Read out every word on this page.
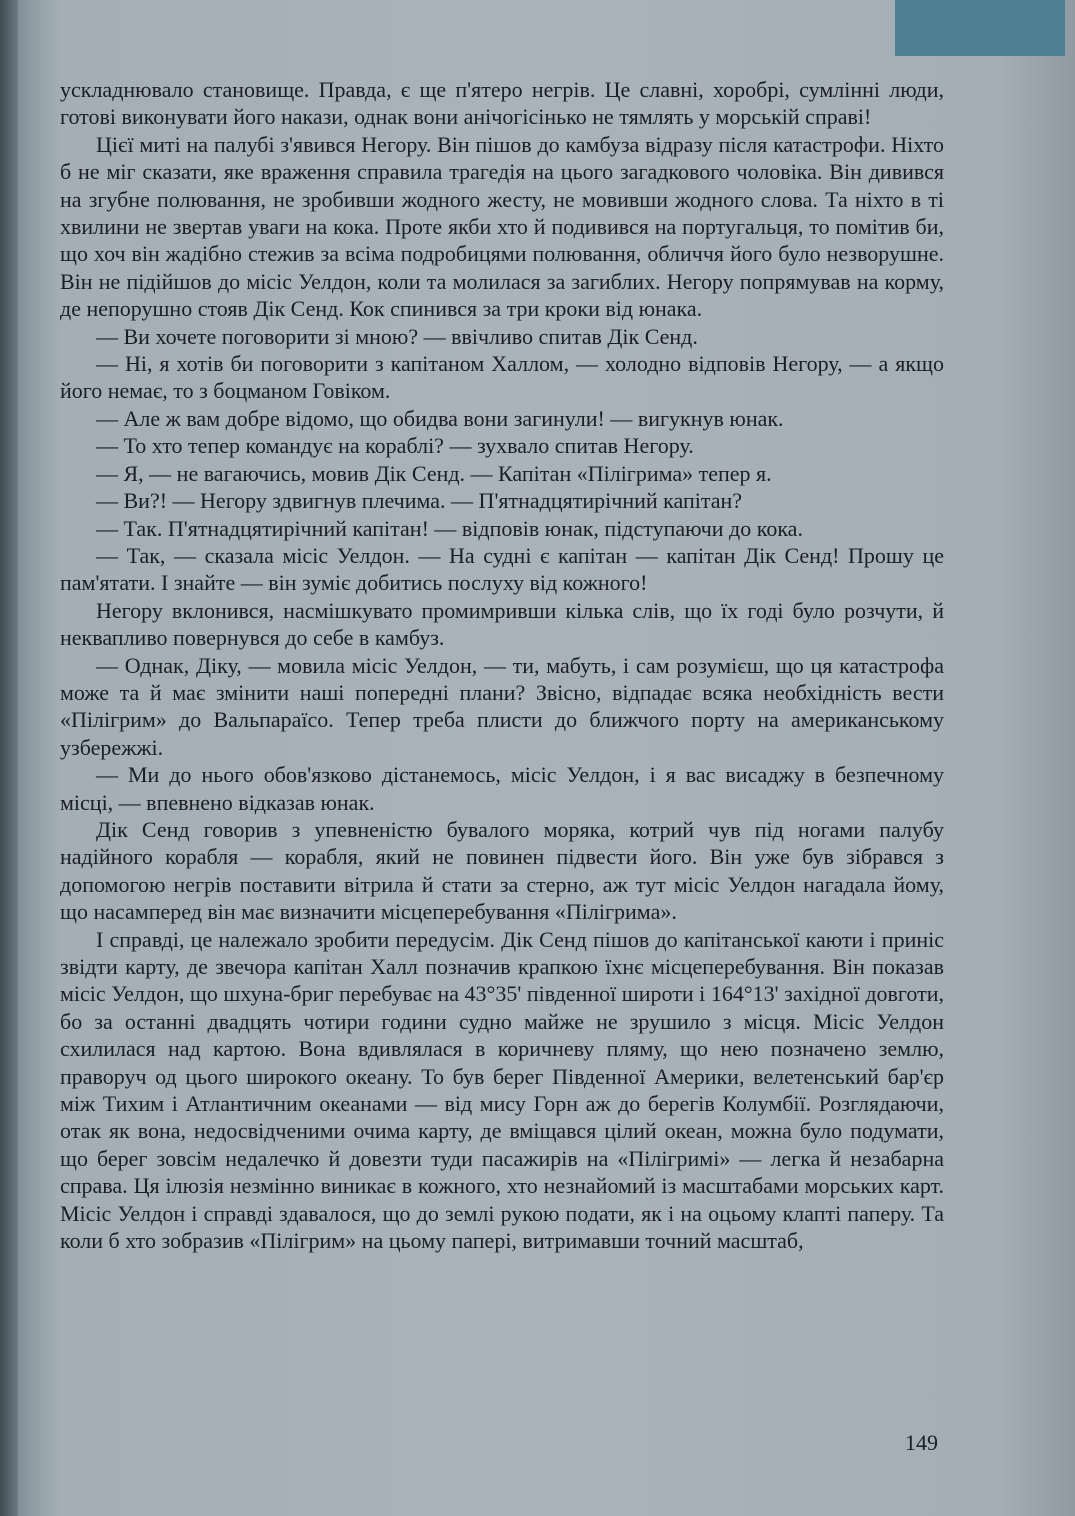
ускладнювало становище. Правда, є ще п'ятеро негрів. Це славні, хоробрі, сумлінні люди, готові виконувати його накази, однак вони анічогісінько не тямлять у морській справі!

Цієї миті на палубі з'явився Негору. Він пішов до камбуза відразу після катастрофи. Ніхто б не міг сказати, яке враження справила трагедія на цього загадкового чоловіка. Він дивився на згубне полювання, не зробивши жодного жесту, не мовивши жодного слова. Та ніхто в ті хвилини не звертав уваги на кока. Проте якби хто й подивився на португальця, то помітив би, що хоч він жадібно стежив за всіма подробицями полювання, обличчя його було незворушне. Він не підійшов до місіс Уелдон, коли та молилася за загиблих. Негору попрямував на корму, де непорушно стояв Дік Сенд. Кок спинився за три кроки від юнака.

— Ви хочете поговорити зі мною? — ввічливо спитав Дік Сенд.

— Ні, я хотів би поговорити з капітаном Халлом, — холодно відповів Негору, — а якщо його немає, то з боцманом Говіком.

— Але ж вам добре відомо, що обидва вони загинули! — вигукнув юнак.

— То хто тепер командує на кораблі? — зухвало спитав Негору.

— Я, — не вагаючись, мовив Дік Сенд. — Капітан «Пілігрима» тепер я.

— Ви?! — Негору здвигнув плечима. — П'ятнадцятирічний капітан?

— Так. П'ятнадцятирічний капітан! — відповів юнак, підступаючи до кока.

— Так, — сказала місіс Уелдон. — На судні є капітан — капітан Дік Сенд! Прошу це пам'ятати. І знайте — він зуміє добитись послуху від кожного!

Негору вклонився, насмішкувато промимривши кілька слів, що їх годі було розчути, й неквапливо повернувся до себе в камбуз.

— Однак, Діку, — мовила місіс Уелдон, — ти, мабуть, і сам розумієш, що ця катастрофа може та й має змінити наші попередні плани? Звісно, відпадає всяка необхідність вести «Пілігрим» до Вальпараїсо. Тепер треба плисти до ближчого порту на американському узбережжі.

— Ми до нього обов'язково дістанемось, місіс Уелдон, і я вас висаджу в безпечному місці, — впевнено відказав юнак.

Дік Сенд говорив з упевненістю бувалого моряка, котрий чув під ногами палубу надійного корабля — корабля, який не повинен підвести його. Він уже був зібрався з допомогою негрів поставити вітрила й стати за стерно, аж тут місіс Уелдон нагадала йому, що насамперед він має визначити місцеперебування «Пілігрима».

І справді, це належало зробити передусім. Дік Сенд пішов до капітанської каюти і приніс звідти карту, де звечора капітан Халл позначив крапкою їхнє місцеперебування. Він показав місіс Уелдон, що шхуна-бриг перебуває на 43°35' південної широти і 164°13' західної довготи, бо за останні двадцять чотири години судно майже не зрушило з місця. Місіс Уелдон схилилася над картою. Вона вдивлялася в коричневу пляму, що нею позначено землю, праворуч од цього широкого океану. То був берег Південної Америки, велетенський бар'єр між Тихим і Атлантичним океанами — від мису Горн аж до берегів Колумбії. Розглядаючи, отак як вона, недосвідченими очима карту, де вміщався цілий океан, можна було подумати, що берег зовсім недалечко й довезти туди пасажирів на «Пілігримі» — легка й незабарна справа. Ця ілюзія незмінно виникає в кожного, хто незнайомий із масштабами морських карт. Місіс Уелдон і справді здавалося, що до землі рукою подати, як і на оцьому клапті паперу. Та коли б хто зобразив «Пілігрим» на цьому папері, витримавши точний масштаб,

149
